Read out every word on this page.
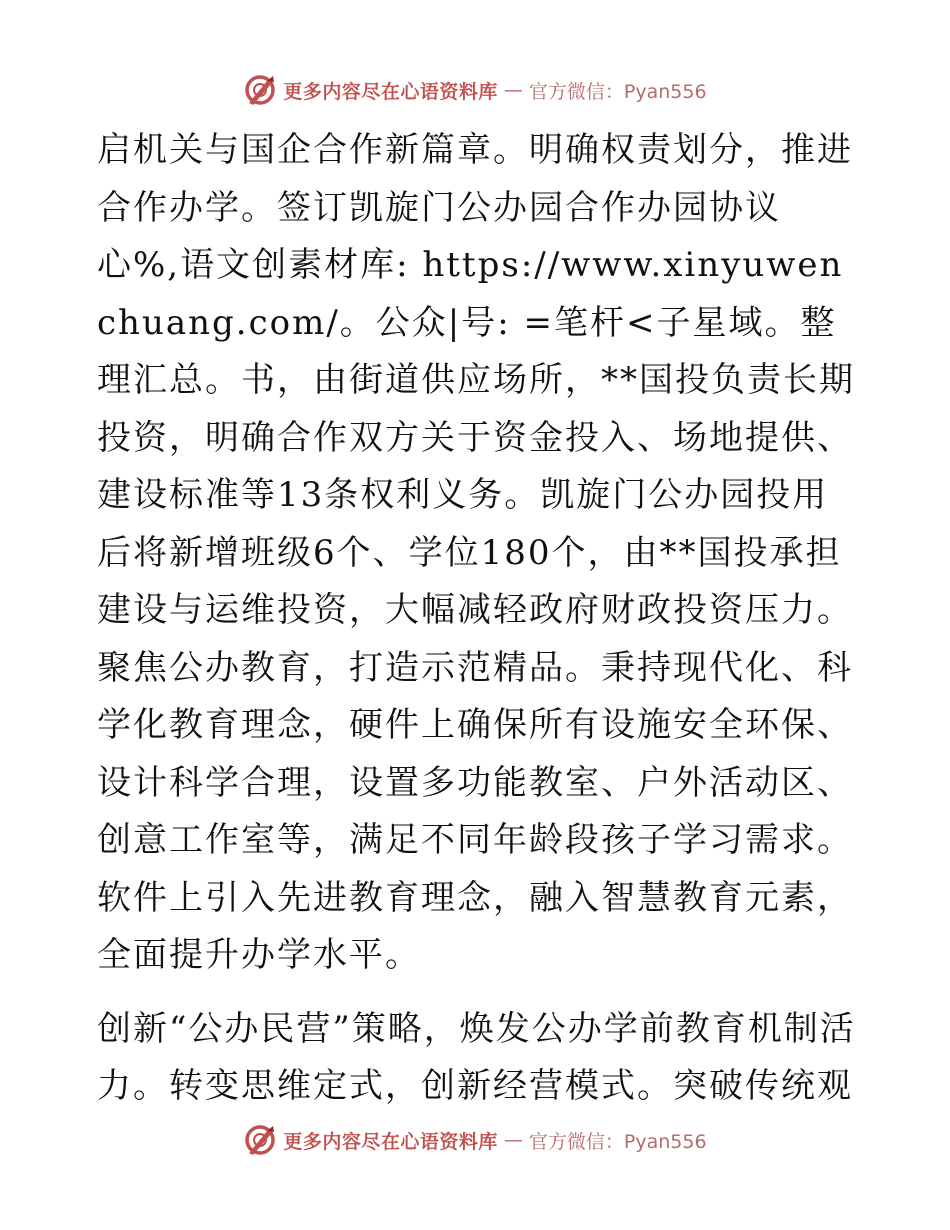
更多内容尽在心语资料库 — 官方微信：Pyan556

启机关与国企合作新篇章。明确权责划分，推进合作办学。签订凯旋门公办园合作办园协议心%,语文创素材库: https://www.xinyuwenchuang.com/。公众|号: =笔杆<子星域。整理汇总。书，由街道供应场所，**国投负责长期投资，明确合作双方关于资金投入、场地提供、建设标准等13条权利义务。凯旋门公办园投用后将新增班级6个、学位180个，由**国投承担建设与运维投资，大幅减轻政府财政投资压力。聚焦公办教育，打造示范精品。秉持现代化、科学化教育理念，硬件上确保所有设施安全环保、设计科学合理，设置多功能教室、户外活动区、创意工作室等，满足不同年龄段孩子学习需求。软件上引入先进教育理念，融入智慧教育元素，全面提升办学水平。

创新“公办民营”策略，焕发公办学前教育机制活力。转变思维定式，创新经营模式。突破传统观

更多内容尽在心语资料库 — 官方微信：Pyan556
